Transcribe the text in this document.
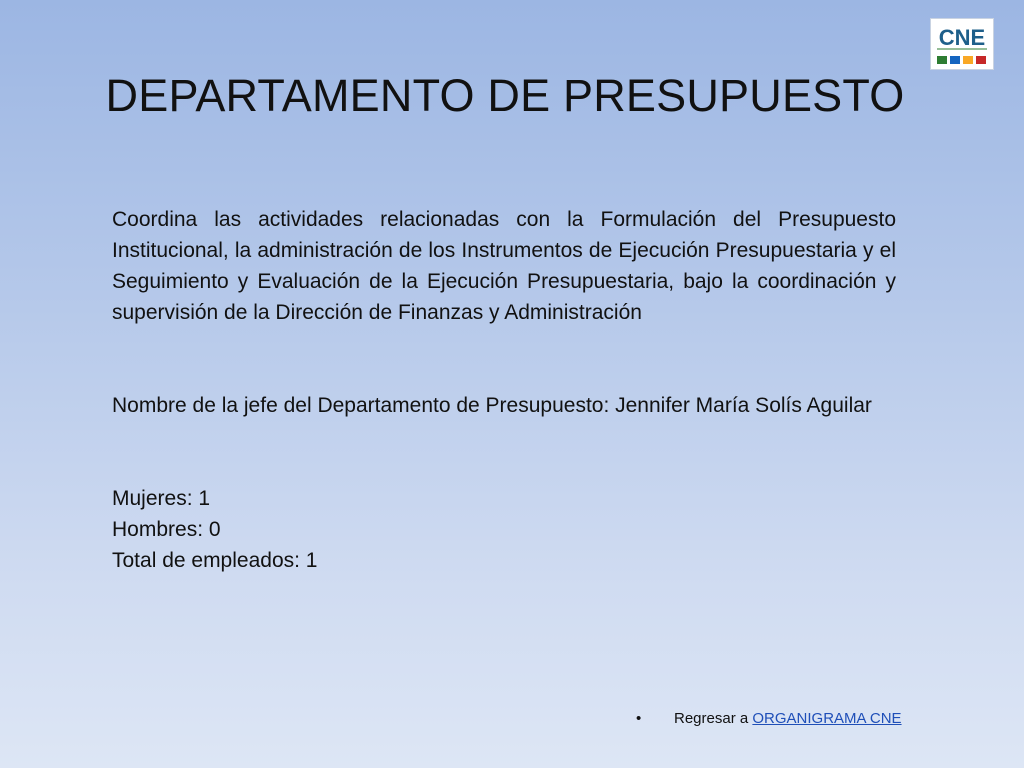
CNE
DEPARTAMENTO DE PRESUPUESTO

Coordina las actividades relacionadas con la Formulación del Presupuesto Institucional, la administración de los Instrumentos de Ejecución Presupuestaria y el Seguimiento y Evaluación de la Ejecución Presupuestaria, bajo la coordinación y supervisión de la Dirección de Finanzas y Administración

Nombre de la jefe del Departamento de Presupuesto: Jennifer María Solís Aguilar

Mujeres: 1
Hombres: 0
Total de empleados: 1
• Regresar a ORGANIGRAMA CNE
